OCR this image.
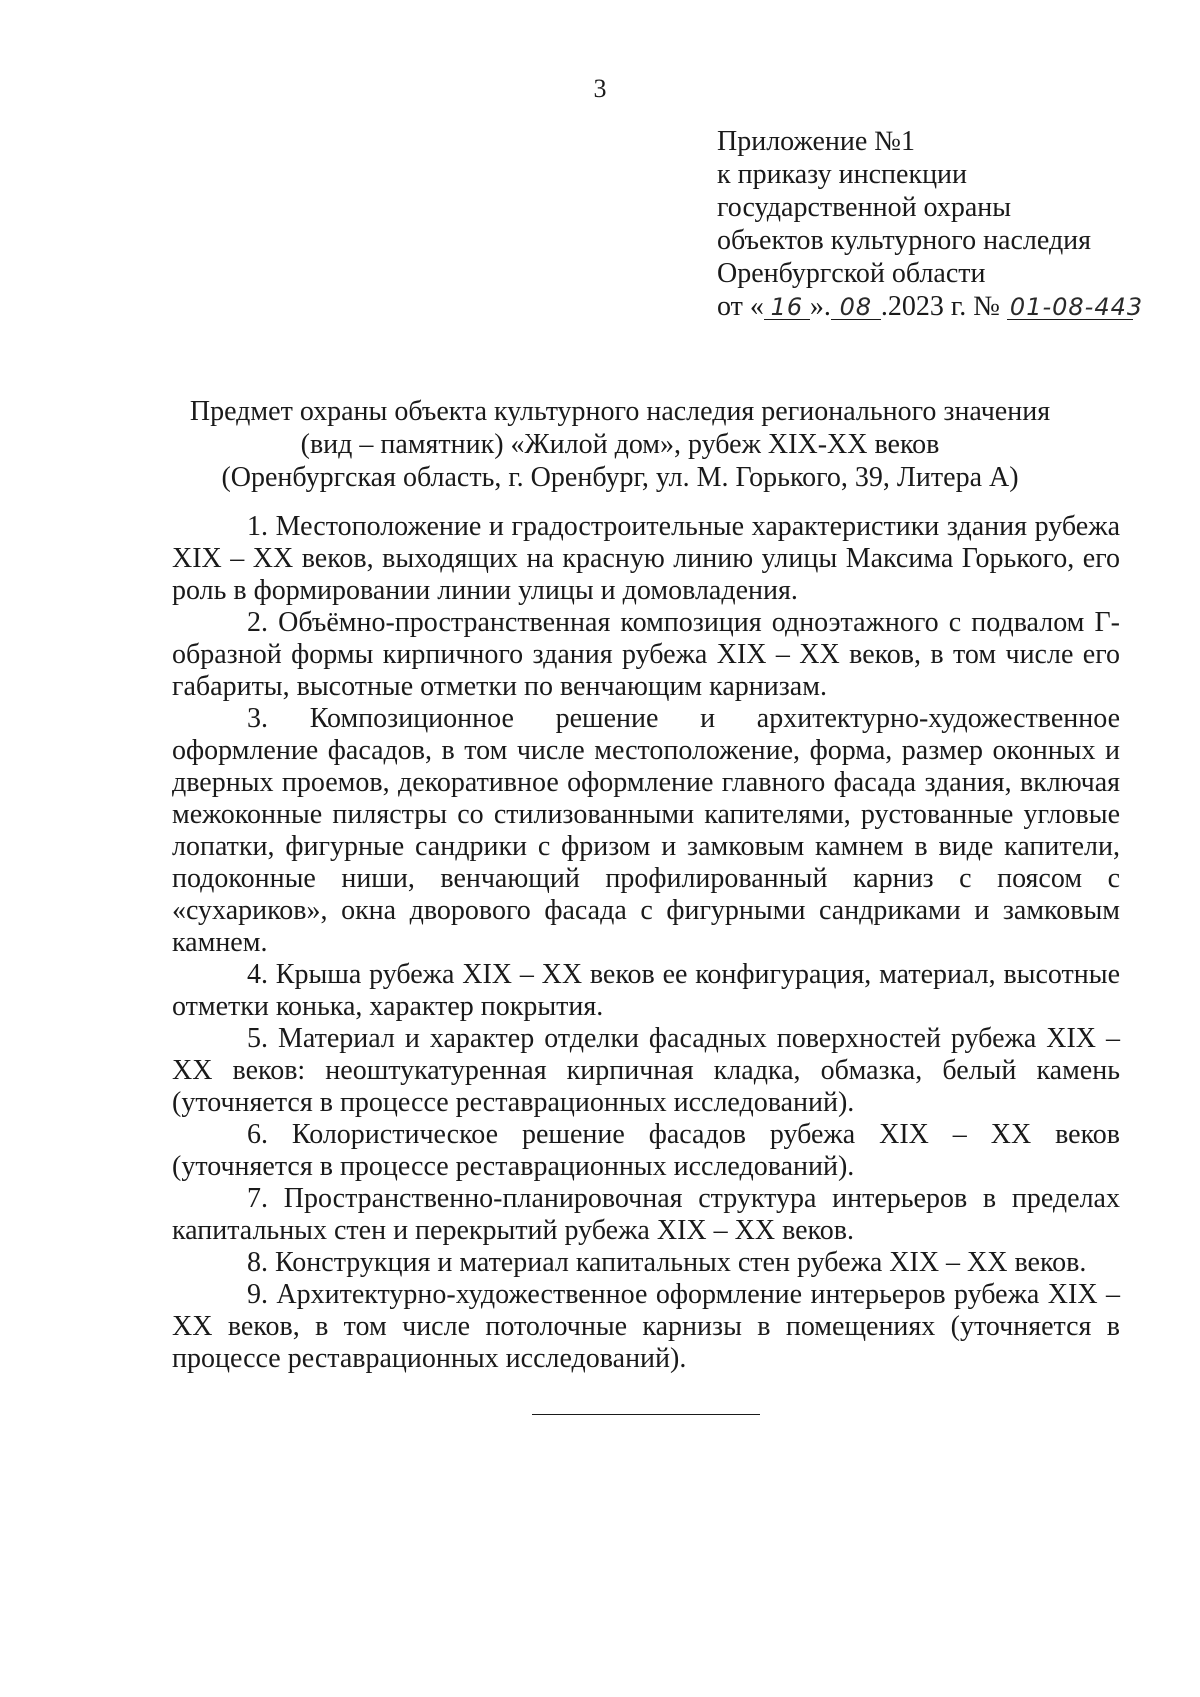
3
Приложение №1
к приказу инспекции
государственной охраны
объектов культурного наследия
Оренбургской области
от « 16 ». 08 .2023 г. № 01-08-443
Предмет охраны объекта культурного наследия регионального значения
(вид – памятник) «Жилой дом», рубеж XIX-XX веков
(Оренбургская область, г. Оренбург, ул. М. Горького, 39, Литера А)

1. Местоположение и градостроительные характеристики здания рубежа XIX – XX веков, выходящих на красную линию улицы Максима Горького, его роль в формировании линии улицы и домовладения.

2. Объёмно-пространственная композиция одноэтажного с подвалом Г-образной формы кирпичного здания рубежа XIX – XX веков, в том числе его габариты, высотные отметки по венчающим карнизам.

3. Композиционное решение и архитектурно-художественное оформление фасадов, в том числе местоположение, форма, размер оконных и дверных проемов, декоративное оформление главного фасада здания, включая межоконные пилястры со стилизованными капителями, рустованные угловые лопатки, фигурные сандрики с фризом и замковым камнем в виде капители, подоконные ниши, венчающий профилированный карниз с поясом с «сухариков», окна дворового фасада с фигурными сандриками и замковым камнем.

4. Крыша рубежа XIX – XX веков ее конфигурация, материал, высотные отметки конька, характер покрытия.

5. Материал и характер отделки фасадных поверхностей рубежа XIX – XX веков: неоштукатуренная кирпичная кладка, обмазка, белый камень (уточняется в процессе реставрационных исследований).

6. Колористическое решение фасадов рубежа XIX – XX веков (уточняется в процессе реставрационных исследований).

7. Пространственно-планировочная структура интерьеров в пределах капитальных стен и перекрытий рубежа XIX – XX веков.

8. Конструкция и материал капитальных стен рубежа XIX – XX веков.

9. Архитектурно-художественное оформление интерьеров рубежа XIX – XX веков, в том числе потолочные карнизы в помещениях (уточняется в процессе реставрационных исследований).
